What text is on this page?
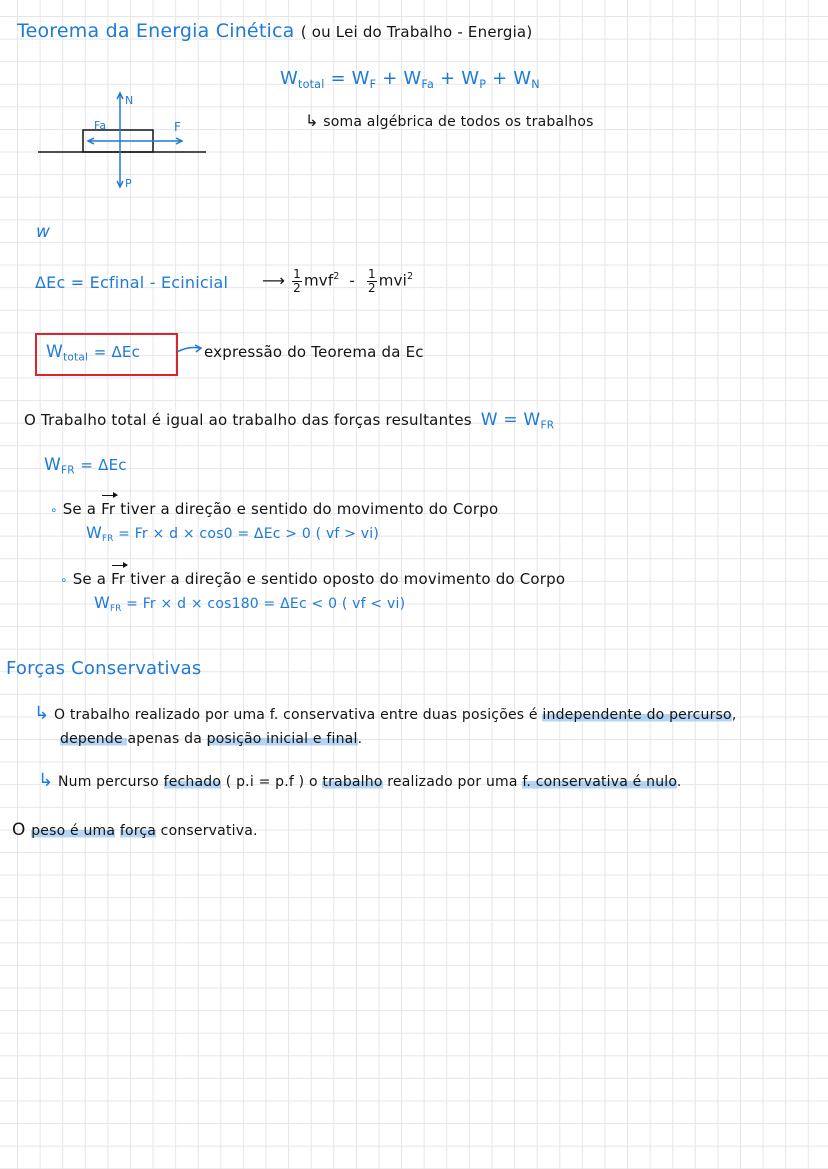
Teorema da Energia Cinética ( ou Lei do Trabalho - Energia)
N
Fa	F
P
$W_{total} = W_F + W_{Fa} + W_P + W_N$
↳ soma algébrica de todos os trabalhos
w
ΔEc = Ecfinal - Ecinicial ⟶ $\frac{1}{2} mvf^2 - \frac{1}{2} mvi^2$
$W_{total} = \Delta Ec$	expressão do Teorema da Ec
O Trabalho total é igual ao trabalho das forças resultantes $W = W_{FR}$
$W_{FR} = \Delta Ec$
∘ Se a Fr tiver a direção e sentido do movimento do Corpo
$W_{FR} = Fr \times d \times \cos 0 = \Delta Ec > 0$ ( vf > vi)
∘ Se a Fr tiver a direção e sentido oposto do movimento do Corpo
$W_{FR} = Fr \times d \times \cos 180 = \Delta Ec < 0$ ( vf < vi)
Forças Conservativas
↳ O trabalho realizado por uma f. conservativa entre duas posições é independente do percurso,
depende apenas da posição inicial e final.
↳ Num percurso fechado ( p.i = p.f ) o trabalho realizado por uma f. conservativa é nulo.
O peso é uma força conservativa.
